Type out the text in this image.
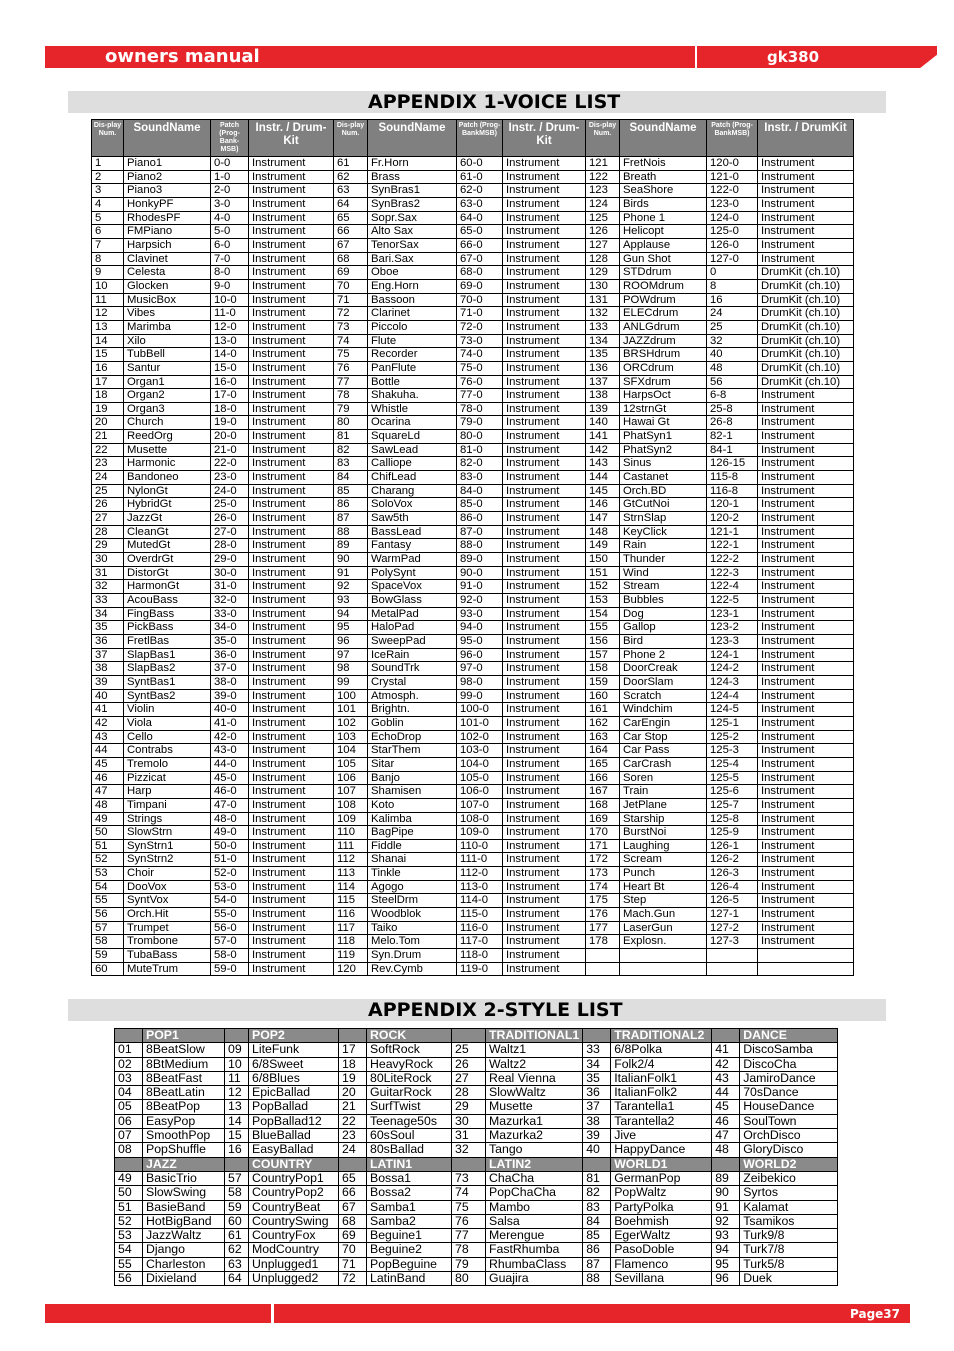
owners manual	gk380
APPENDIX 1-VOICE LIST
Dis-play Num.	SoundName	Patch (Prog-Bank-MSB)	Instr. / Drum-Kit	Dis-play Num.	SoundName	Patch (Prog-BankMSB)	Instr. / Drum-Kit	Dis-play Num.	SoundName	Patch (Prog-BankMSB)	Instr. / DrumKit
1	Piano1	0-0	Instrument	61	Fr.Horn	60-0	Instrument	121	FretNois	120-0	Instrument
2	Piano2	1-0	Instrument	62	Brass	61-0	Instrument	122	Breath	121-0	Instrument
3	Piano3	2-0	Instrument	63	SynBras1	62-0	Instrument	123	SeaShore	122-0	Instrument
4	HonkyPF	3-0	Instrument	64	SynBras2	63-0	Instrument	124	Birds	123-0	Instrument
5	RhodesPF	4-0	Instrument	65	Sopr.Sax	64-0	Instrument	125	Phone 1	124-0	Instrument
6	FMPiano	5-0	Instrument	66	Alto Sax	65-0	Instrument	126	Helicopt	125-0	Instrument
7	Harpsich	6-0	Instrument	67	TenorSax	66-0	Instrument	127	Applause	126-0	Instrument
8	Clavinet	7-0	Instrument	68	Bari.Sax	67-0	Instrument	128	Gun Shot	127-0	Instrument
9	Celesta	8-0	Instrument	69	Oboe	68-0	Instrument	129	STDdrum	0	DrumKit (ch.10)
10	Glocken	9-0	Instrument	70	Eng.Horn	69-0	Instrument	130	ROOMdrum	8	DrumKit (ch.10)
11	MusicBox	10-0	Instrument	71	Bassoon	70-0	Instrument	131	POWdrum	16	DrumKit (ch.10)
12	Vibes	11-0	Instrument	72	Clarinet	71-0	Instrument	132	ELECdrum	24	DrumKit (ch.10)
13	Marimba	12-0	Instrument	73	Piccolo	72-0	Instrument	133	ANLGdrum	25	DrumKit (ch.10)
14	Xilo	13-0	Instrument	74	Flute	73-0	Instrument	134	JAZZdrum	32	DrumKit (ch.10)
15	TubBell	14-0	Instrument	75	Recorder	74-0	Instrument	135	BRSHdrum	40	DrumKit (ch.10)
16	Santur	15-0	Instrument	76	PanFlute	75-0	Instrument	136	ORCdrum	48	DrumKit (ch.10)
17	Organ1	16-0	Instrument	77	Bottle	76-0	Instrument	137	SFXdrum	56	DrumKit (ch.10)
18	Organ2	17-0	Instrument	78	Shakuha.	77-0	Instrument	138	HarpsOct	6-8	Instrument
19	Organ3	18-0	Instrument	79	Whistle	78-0	Instrument	139	12strnGt	25-8	Instrument
20	Church	19-0	Instrument	80	Ocarina	79-0	Instrument	140	Hawai Gt	26-8	Instrument
21	ReedOrg	20-0	Instrument	81	SquareLd	80-0	Instrument	141	PhatSyn1	82-1	Instrument
22	Musette	21-0	Instrument	82	SawLead	81-0	Instrument	142	PhatSyn2	84-1	Instrument
23	Harmonic	22-0	Instrument	83	Calliope	82-0	Instrument	143	Sinus	126-15	Instrument
24	Bandoneo	23-0	Instrument	84	ChifLead	83-0	Instrument	144	Castanet	115-8	Instrument
25	NylonGt	24-0	Instrument	85	Charang	84-0	Instrument	145	Orch.BD	116-8	Instrument
26	HybridGt	25-0	Instrument	86	SoloVox	85-0	Instrument	146	GtCutNoi	120-1	Instrument
27	JazzGt	26-0	Instrument	87	Saw5th	86-0	Instrument	147	StrnSlap	120-2	Instrument
28	CleanGt	27-0	Instrument	88	BassLead	87-0	Instrument	148	KeyClick	121-1	Instrument
29	MutedGt	28-0	Instrument	89	Fantasy	88-0	Instrument	149	Rain	122-1	Instrument
30	OverdrGt	29-0	Instrument	90	WarmPad	89-0	Instrument	150	Thunder	122-2	Instrument
31	DistorGt	30-0	Instrument	91	PolySynt	90-0	Instrument	151	Wind	122-3	Instrument
32	HarmonGt	31-0	Instrument	92	SpaceVox	91-0	Instrument	152	Stream	122-4	Instrument
33	AcouBass	32-0	Instrument	93	BowGlass	92-0	Instrument	153	Bubbles	122-5	Instrument
34	FingBass	33-0	Instrument	94	MetalPad	93-0	Instrument	154	Dog	123-1	Instrument
35	PickBass	34-0	Instrument	95	HaloPad	94-0	Instrument	155	Gallop	123-2	Instrument
36	FretlBas	35-0	Instrument	96	SweepPad	95-0	Instrument	156	Bird	123-3	Instrument
37	SlapBas1	36-0	Instrument	97	IceRain	96-0	Instrument	157	Phone 2	124-1	Instrument
38	SlapBas2	37-0	Instrument	98	SoundTrk	97-0	Instrument	158	DoorCreak	124-2	Instrument
39	SyntBas1	38-0	Instrument	99	Crystal	98-0	Instrument	159	DoorSlam	124-3	Instrument
40	SyntBas2	39-0	Instrument	100	Atmosph.	99-0	Instrument	160	Scratch	124-4	Instrument
41	Violin	40-0	Instrument	101	Brightn.	100-0	Instrument	161	Windchim	124-5	Instrument
42	Viola	41-0	Instrument	102	Goblin	101-0	Instrument	162	CarEngin	125-1	Instrument
43	Cello	42-0	Instrument	103	EchoDrop	102-0	Instrument	163	Car Stop	125-2	Instrument
44	Contrabs	43-0	Instrument	104	StarThem	103-0	Instrument	164	Car Pass	125-3	Instrument
45	Tremolo	44-0	Instrument	105	Sitar	104-0	Instrument	165	CarCrash	125-4	Instrument
46	Pizzicat	45-0	Instrument	106	Banjo	105-0	Instrument	166	Soren	125-5	Instrument
47	Harp	46-0	Instrument	107	Shamisen	106-0	Instrument	167	Train	125-6	Instrument
48	Timpani	47-0	Instrument	108	Koto	107-0	Instrument	168	JetPlane	125-7	Instrument
49	Strings	48-0	Instrument	109	Kalimba	108-0	Instrument	169	Starship	125-8	Instrument
50	SlowStrn	49-0	Instrument	110	BagPipe	109-0	Instrument	170	BurstNoi	125-9	Instrument
51	SynStrn1	50-0	Instrument	111	Fiddle	110-0	Instrument	171	Laughing	126-1	Instrument
52	SynStrn2	51-0	Instrument	112	Shanai	111-0	Instrument	172	Scream	126-2	Instrument
53	Choir	52-0	Instrument	113	Tinkle	112-0	Instrument	173	Punch	126-3	Instrument
54	DooVox	53-0	Instrument	114	Agogo	113-0	Instrument	174	Heart Bt	126-4	Instrument
55	SyntVox	54-0	Instrument	115	SteelDrm	114-0	Instrument	175	Step	126-5	Instrument
56	Orch.Hit	55-0	Instrument	116	Woodblok	115-0	Instrument	176	Mach.Gun	127-1	Instrument
57	Trumpet	56-0	Instrument	117	Taiko	116-0	Instrument	177	LaserGun	127-2	Instrument
58	Trombone	57-0	Instrument	118	Melo.Tom	117-0	Instrument	178	Explosn.	127-3	Instrument
59	TubaBass	58-0	Instrument	119	Syn.Drum	118-0	Instrument				
60	MuteTrum	59-0	Instrument	120	Rev.Cymb	119-0	Instrument				
APPENDIX 2-STYLE LIST
	POP1		POP2		ROCK		TRADITIONAL1		TRADITIONAL2		DANCE
01	8BeatSlow	09	LiteFunk	17	SoftRock	25	Waltz1	33	6/8Polka	41	DiscoSamba
02	8BtMedium	10	6/8Sweet	18	HeavyRock	26	Waltz2	34	Folk2/4	42	DiscoCha
03	8BeatFast	11	6/8Blues	19	80LiteRock	27	Real Vienna	35	ItalianFolk1	43	JamiroDance
04	8BeatLatin	12	EpicBallad	20	GuitarRock	28	SlowWaltz	36	ItalianFolk2	44	70sDance
05	8BeatPop	13	PopBallad	21	SurfTwist	29	Musette	37	Tarantella1	45	HouseDance
06	EasyPop	14	PopBallad12	22	Teenage50s	30	Mazurka1	38	Tarantella2	46	SoulTown
07	SmoothPop	15	BlueBallad	23	60sSoul	31	Mazurka2	39	Jive	47	OrchDisco
08	PopShuffle	16	EasyBallad	24	80sBallad	32	Tango	40	HappyDance	48	GloryDisco
	JAZZ		COUNTRY		LATIN1		LATIN2		WORLD1		WORLD2
49	BasicTrio	57	CountryPop1	65	Bossa1	73	ChaCha	81	GermanPop	89	Zeibekico
50	SlowSwing	58	CountryPop2	66	Bossa2	74	PopChaCha	82	PopWaltz	90	Syrtos
51	BasieBand	59	CountryBeat	67	Samba1	75	Mambo	83	PartyPolka	91	Kalamat
52	HotBigBand	60	CountrySwing	68	Samba2	76	Salsa	84	Boehmish	92	Tsamikos
53	JazzWaltz	61	CountryFox	69	Beguine1	77	Merengue	85	EgerWaltz	93	Turk9/8
54	Django	62	ModCountry	70	Beguine2	78	FastRhumba	86	PasoDoble	94	Turk7/8
55	Charleston	63	Unplugged1	71	PopBeguine	79	RhumbaClass	87	Flamenco	95	Turk5/8
56	Dixieland	64	Unplugged2	72	LatinBand	80	Guajira	88	Sevillana	96	Duek
Page37
